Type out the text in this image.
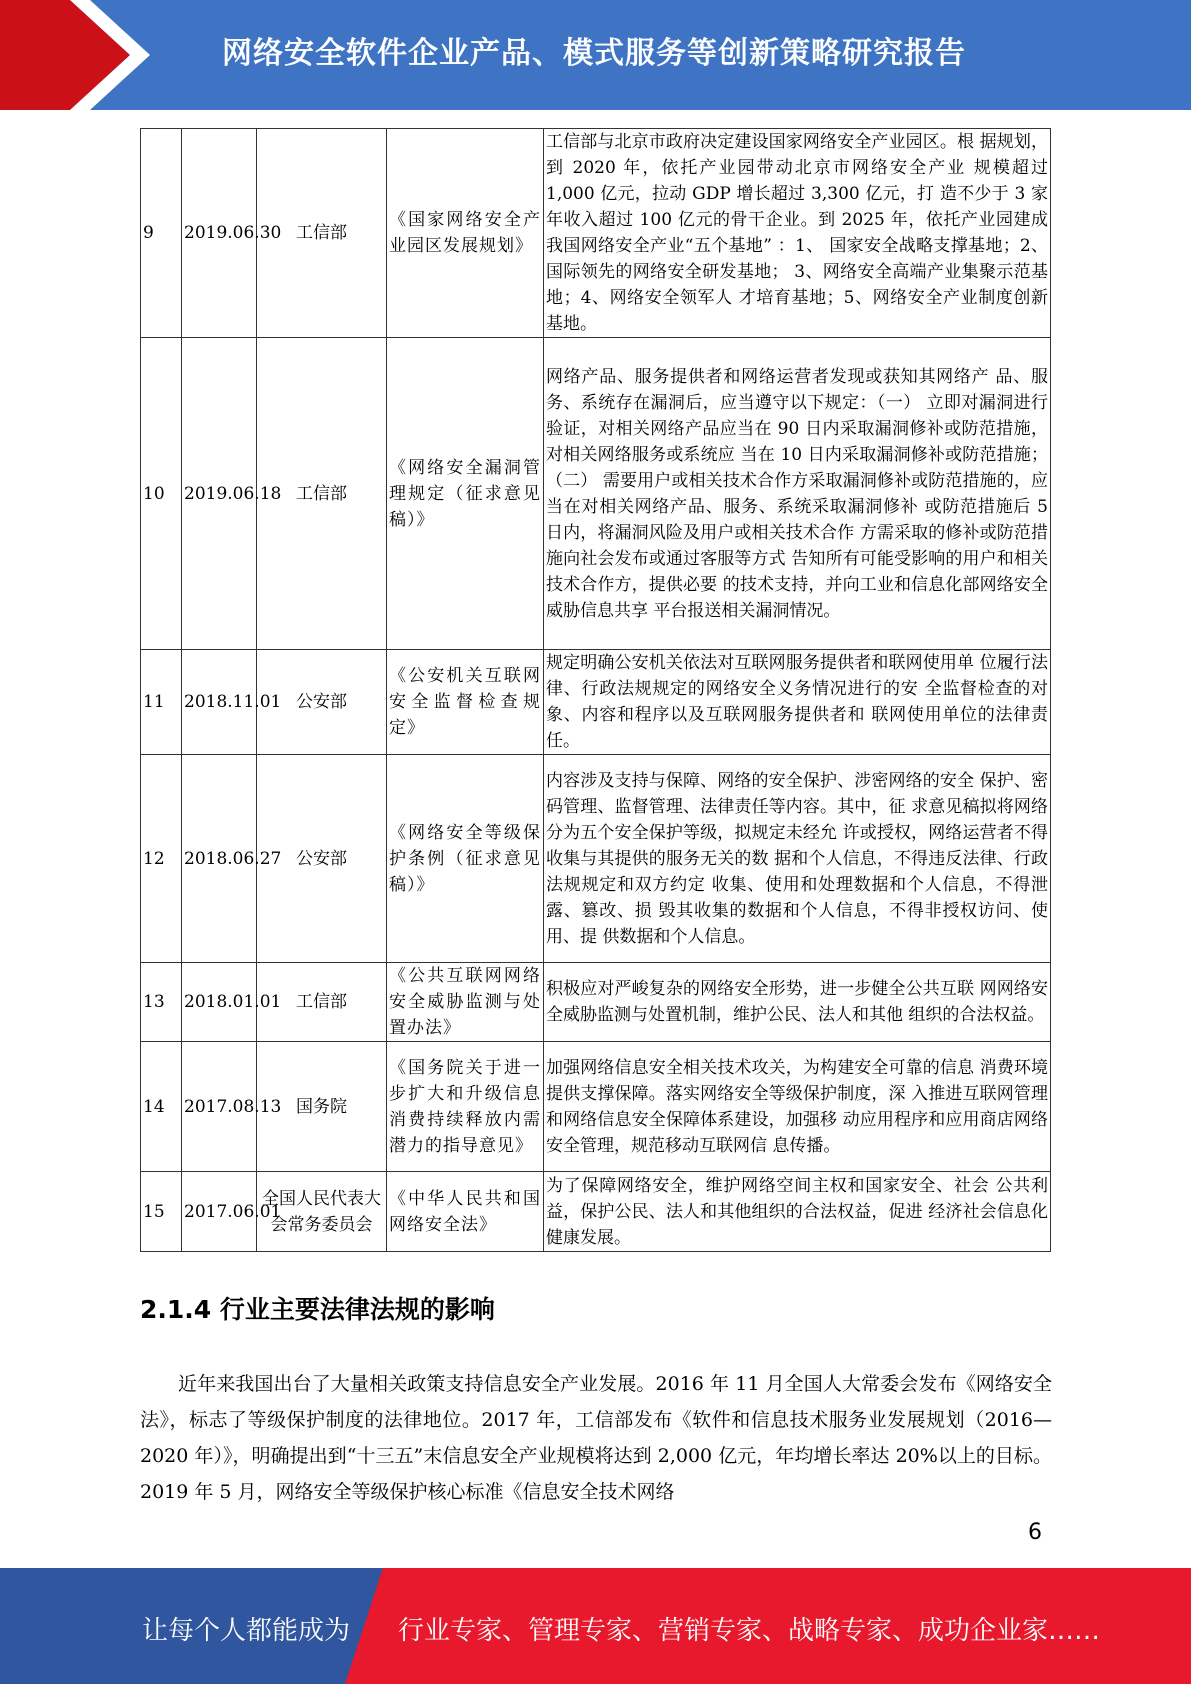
网络安全软件企业产品、模式服务等创新策略研究报告
9	2019.06.30	工信部	《国家网络安全产业园区发展规划》	工信部与北京市政府决定建设国家网络安全产业园区。根 据规划，到 2020 年，依托产业园带动北京市网络安全产业 规模超过 1,000 亿元，拉动 GDP 增长超过 3,300 亿元，打 造不少于 3 家年收入超过 100 亿元的骨干企业。到 2025 年，依托产业园建成我国网络安全产业“五个基地” ：1、 国家安全战略支撑基地；2、国际领先的网络安全研发基地； 3、网络安全高端产业集聚示范基地；4、网络安全领军人 才培育基地；5、网络安全产业制度创新基地。
10	2019.06.18	工信部	《网络安全漏洞管理规定（征求意见稿）》	网络产品、服务提供者和网络运营者发现或获知其网络产 品、服务、系统存在漏洞后，应当遵守以下规定：（一） 立即对漏洞进行验证，对相关网络产品应当在 90 日内采取漏洞修补或防范措施，对相关网络服务或系统应 当在 10 日内采取漏洞修补或防范措施；（二） 需要用户或相关技术合作方采取漏洞修补或防范措施的，应当在对相关网络产品、服务、系统采取漏洞修补 或防范措施后 5 日内，将漏洞风险及用户或相关技术合作 方需采取的修补或防范措施向社会发布或通过客服等方式 告知所有可能受影响的用户和相关技术合作方，提供必要 的技术支持，并向工业和信息化部网络安全威胁信息共享 平台报送相关漏洞情况。
11	2018.11.01	公安部	《公安机关互联网安全监督检查规定》	规定明确公安机关依法对互联网服务提供者和联网使用单 位履行法律、行政法规规定的网络安全义务情况进行的安 全监督检查的对象、内容和程序以及互联网服务提供者和 联网使用单位的法律责任。
12	2018.06.27	公安部	《网络安全等级保护条例（征求意见稿）》	内容涉及支持与保障、网络的安全保护、涉密网络的安全 保护、密码管理、监督管理、法律责任等内容。其中，征 求意见稿拟将网络分为五个安全保护等级，拟规定未经允 许或授权，网络运营者不得收集与其提供的服务无关的数 据和个人信息，不得违反法律、行政法规规定和双方约定 收集、使用和处理数据和个人信息，不得泄露、篡改、损 毁其收集的数据和个人信息，不得非授权访问、使用、提 供数据和个人信息。
13	2018.01.01	工信部	《公共互联网网络安全威胁监测与处置办法》	积极应对严峻复杂的网络安全形势，进一步健全公共互联 网网络安全威胁监测与处置机制，维护公民、法人和其他 组织的合法权益。
14	2017.08.13	国务院	《国务院关于进一步扩大和升级信息消费持续释放内需潜力的指导意见》	加强网络信息安全相关技术攻关，为构建安全可靠的信息 消费环境提供支撑保障。落实网络安全等级保护制度，深 入推进互联网管理和网络信息安全保障体系建设，加强移 动应用程序和应用商店网络安全管理，规范移动互联网信 息传播。
15	2017.06.01	全国人民代表大会常务委员会	《中华人民共和国网络安全法》	为了保障网络安全，维护网络空间主权和国家安全、社会 公共利益，保护公民、法人和其他组织的合法权益，促进 经济社会信息化健康发展。
2.1.4 行业主要法律法规的影响
近年来我国出台了大量相关政策支持信息安全产业发展。2016 年 11 月全国人大常委会发布《网络安全法》，标志了等级保护制度的法律地位。2017 年，工信部发布《软件和信息技术服务业发展规划（2016—2020 年）》，明确提出到“十三五”末信息安全产业规模将达到 2,000 亿元，年均增长率达 20%以上的目标。2019 年 5 月，网络安全等级保护核心标准《信息安全技术网络
6
让每个人都能成为 行业专家、管理专家、营销专家、战略专家、成功企业家……
